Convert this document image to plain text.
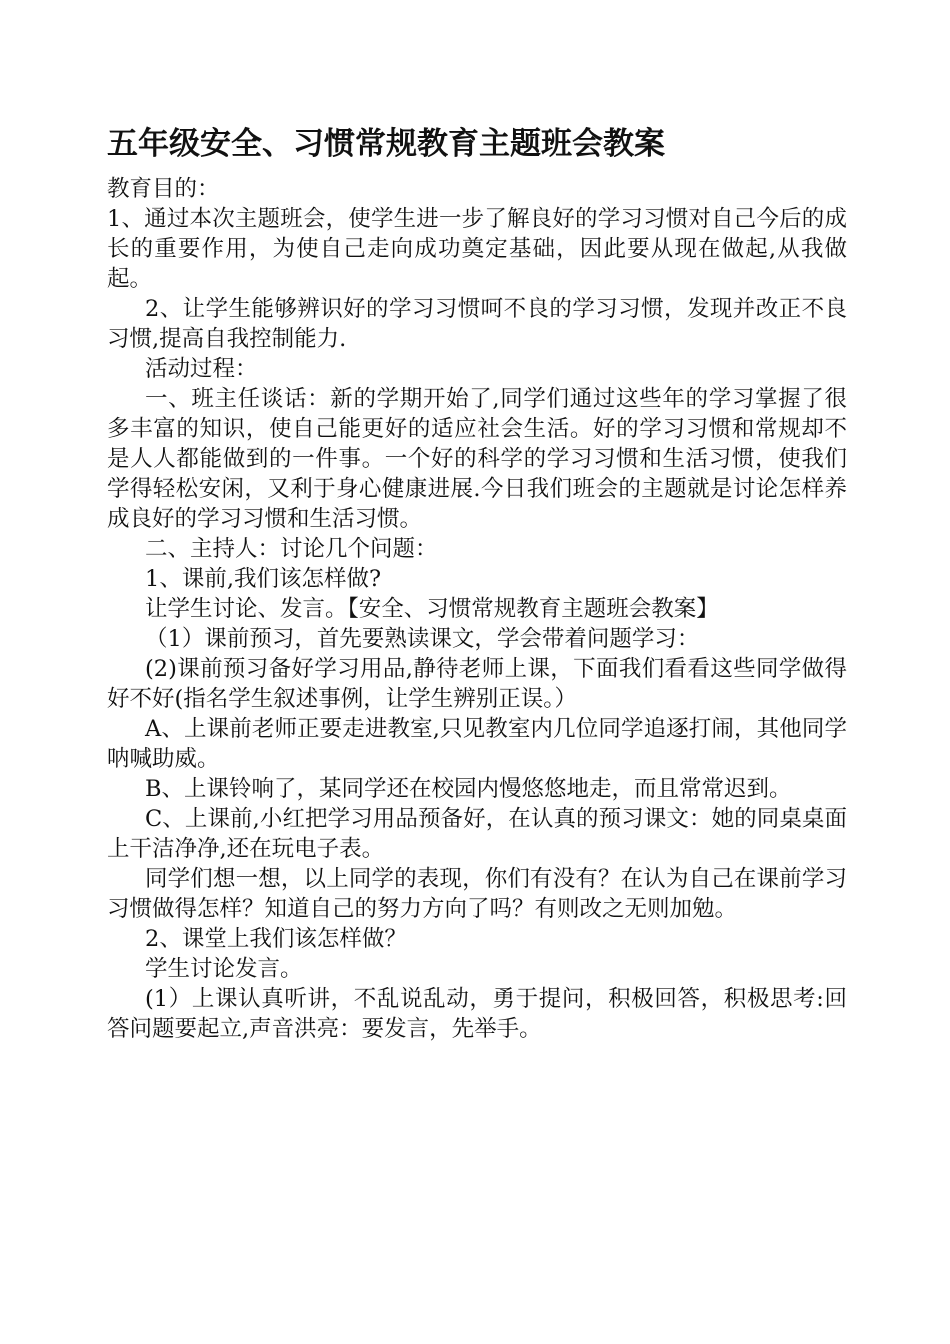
五年级安全、习惯常规教育主题班会教案

教育目的：

1、通过本次主题班会，使学生进一步了解良好的学习习惯对自己今后的成长的重要作用，为使自己走向成功奠定基础，因此要从现在做起,从我做起。

2、让学生能够辨识好的学习习惯呵不良的学习习惯，发现并改正不良习惯,提高自我控制能力.

活动过程：

一、班主任谈话：新的学期开始了,同学们通过这些年的学习掌握了很多丰富的知识，使自己能更好的适应社会生活。好的学习习惯和常规却不是人人都能做到的一件事。一个好的科学的学习习惯和生活习惯，使我们学得轻松安闲，又利于身心健康进展.今日我们班会的主题就是讨论怎样养成良好的学习习惯和生活习惯。

二、主持人：讨论几个问题：

1、课前,我们该怎样做?

让学生讨论、发言。【安全、习惯常规教育主题班会教案】

（1）课前预习，首先要熟读课文，学会带着问题学习：

(2)课前预习备好学习用品,静待老师上课，下面我们看看这些同学做得好不好(指名学生叙述事例，让学生辨别正误。）

A、上课前老师正要走进教室,只见教室内几位同学追逐打闹，其他同学呐喊助威。

B、上课铃响了，某同学还在校园内慢悠悠地走，而且常常迟到。

C、上课前,小红把学习用品预备好，在认真的预习课文：她的同桌桌面上干洁净净,还在玩电子表。

同学们想一想，以上同学的表现，你们有没有？在认为自己在课前学习习惯做得怎样？知道自己的努力方向了吗？有则改之无则加勉。

2、课堂上我们该怎样做？

学生讨论发言。

(1）上课认真听讲，不乱说乱动，勇于提问，积极回答，积极思考:回答问题要起立,声音洪亮：要发言，先举手。
